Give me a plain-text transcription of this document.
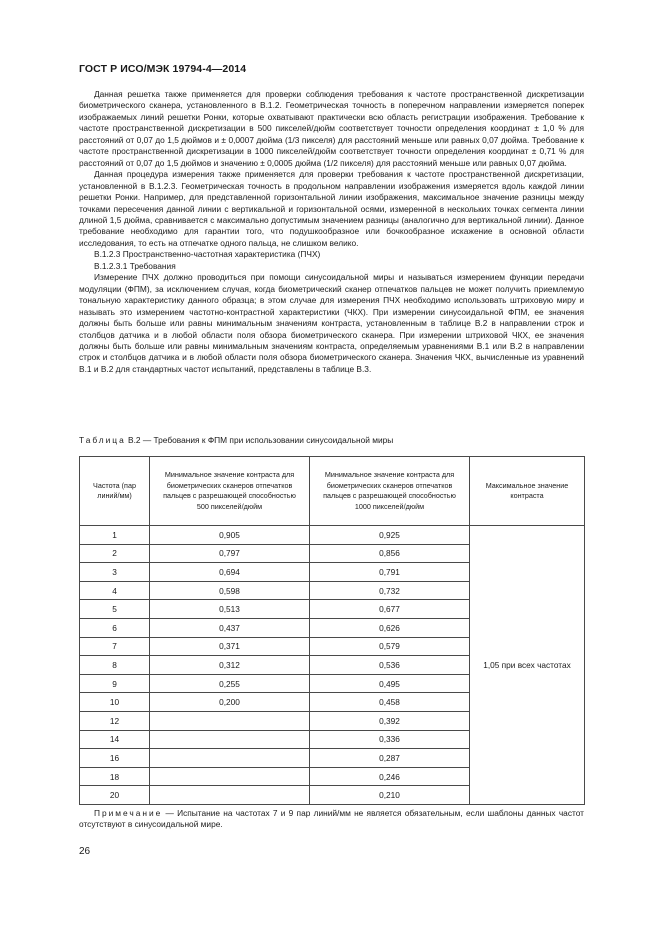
ГОСТ Р ИСО/МЭК 19794-4—2014

Данная решетка также применяется для проверки соблюдения требования к частоте пространственной дискретизации биометрического сканера, установленного в В.1.2. Геометрическая точность в поперечном направлении измеряется поперек изображаемых линий решетки Ронки, которые охватывают практически всю область регистрации изображения. Требование к частоте пространственной дискретизации в 500 пикселей/дюйм соответствует точности определения координат ± 1,0 % для расстояний от 0,07 до 1,5 дюймов и ± 0,0007 дюйма (1/3 пикселя) для расстояний меньше или равных 0,07 дюйма. Требование к частоте пространственной дискретизации в 1000 пикселей/дюйм соответствует точности определения координат ± 0,71 % для расстояний от 0,07 до 1,5 дюймов и значению ± 0,0005 дюйма (1/2 пикселя) для расстояний меньше или равных 0,07 дюйма.

Данная процедура измерения также применяется для проверки требования к частоте пространственной дискретизации, установленной в В.1.2.3. Геометрическая точность в продольном направлении изображения измеряется вдоль каждой линии решетки Ронки. Например, для представленной горизонтальной линии изображения, максимальное значение разницы между точками пересечения данной линии с вертикальной и горизонтальной осями, измеренной в нескольких точках сегмента линии длиной 1,5 дюйма, сравнивается с максимально допустимым значением разницы (аналогично для вертикальной линии). Данное требование необходимо для гарантии того, что подушкообразное или бочкообразное искажение в основной области исследования, то есть на отпечатке одного пальца, не слишком велико.

В.1.2.3 Пространственно-частотная характеристика (ПЧХ)

В.1.2.3.1 Требования

Измерение ПЧХ должно проводиться при помощи синусоидальной миры и называться измерением функции передачи модуляции (ФПМ), за исключением случая, когда биометрический сканер отпечатков пальцев не может получить приемлемую тональную характеристику данного образца; в этом случае для измерения ПЧХ необходимо использовать штриховую миру и называть это измерением частотно-контрастной характеристики (ЧКХ). При измерении синусоидальной ФПМ, ее значения должны быть больше или равны минимальным значениям контраста, установленным в таблице В.2 в направлении строк и столбцов датчика и в любой области поля обзора биометрического сканера. При измерении штриховой ЧКХ, ее значения должны быть больше или равны минимальным значениям контраста, определяемым уравнениями В.1 или В.2 в направлении строк и столбцов датчика и в любой области поля обзора биометрического сканера. Значения ЧКХ, вычисленные из уравнений В.1 и В.2 для стандартных частот испытаний, представлены в таблице В.3.

Таблица В.2 — Требования к ФПМ при использовании синусоидальной миры
Частота (пар линий/мм)	Минимальное значение контраста для биометрических сканеров отпечатков пальцев с разрешающей способностью 500 пикселей/дюйм	Минимальное значение контраста для биометрических сканеров отпечатков пальцев с разрешающей способностью 1000 пикселей/дюйм	Максимальное значение контраста
1	0,905	0,925	1,05 при всех частотах
2	0,797	0,856	
3	0,694	0,791	
4	0,598	0,732	
5	0,513	0,677	
6	0,437	0,626	
7	0,371	0,579	
8	0,312	0,536	
9	0,255	0,495	
10	0,200	0,458	
12		0,392	
14		0,336	
16		0,287	
18		0,246	
20		0,210	
Примечание — Испытание на частотах 7 и 9 пар линий/мм не является обязательным, если шаблоны данных частот отсутствуют в синусоидальной мире.
26
